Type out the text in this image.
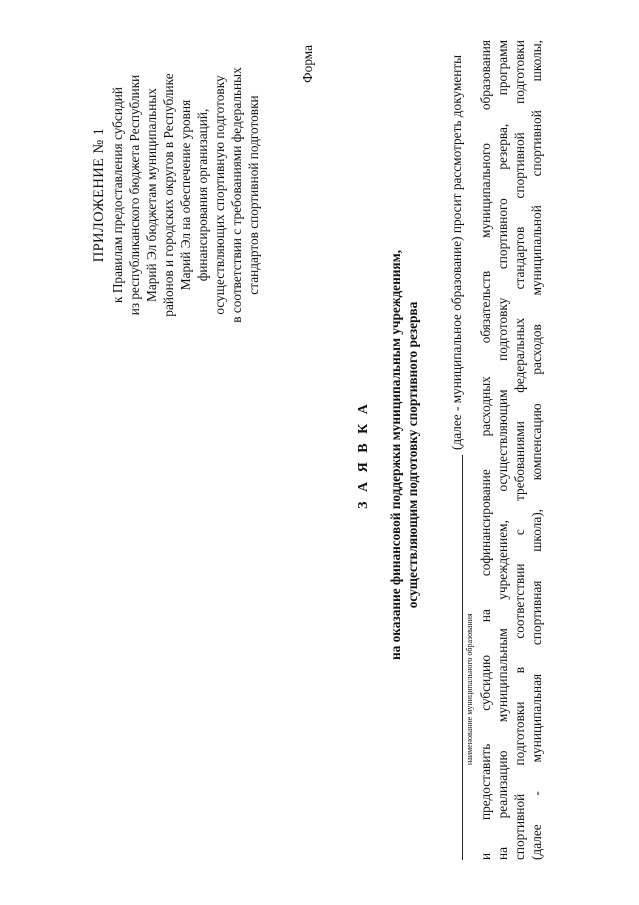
ПРИЛОЖЕНИЕ № 1 к Правилам предоставления субсидий из республиканского бюджета Республики Марий Эл бюджетам муниципальных районов и городских округов в Республике Марий Эл на обеспечение уровня финансирования организаций, осуществляющих спортивную подготовку в соответствии с требованиями федеральных стандартов спортивной подготовки
Форма
З А Я В К А на оказание финансовой поддержки муниципальным учреждениям, осуществляющим подготовку спортивного резерва
наименование муниципального образования
(далее - муниципальное образование) просит рассмотреть документы и предоставить субсидию на софинансирование расходных обязательств муниципального образования на реализацию муниципальным учреждением, осуществляющим подготовку спортивного резерва, программ спортивной подготовки в соответствии с требованиями федеральных стандартов спортивной подготовки (далее - муниципальная спортивная школа), компенсацию расходов муниципальной спортивной школы,
